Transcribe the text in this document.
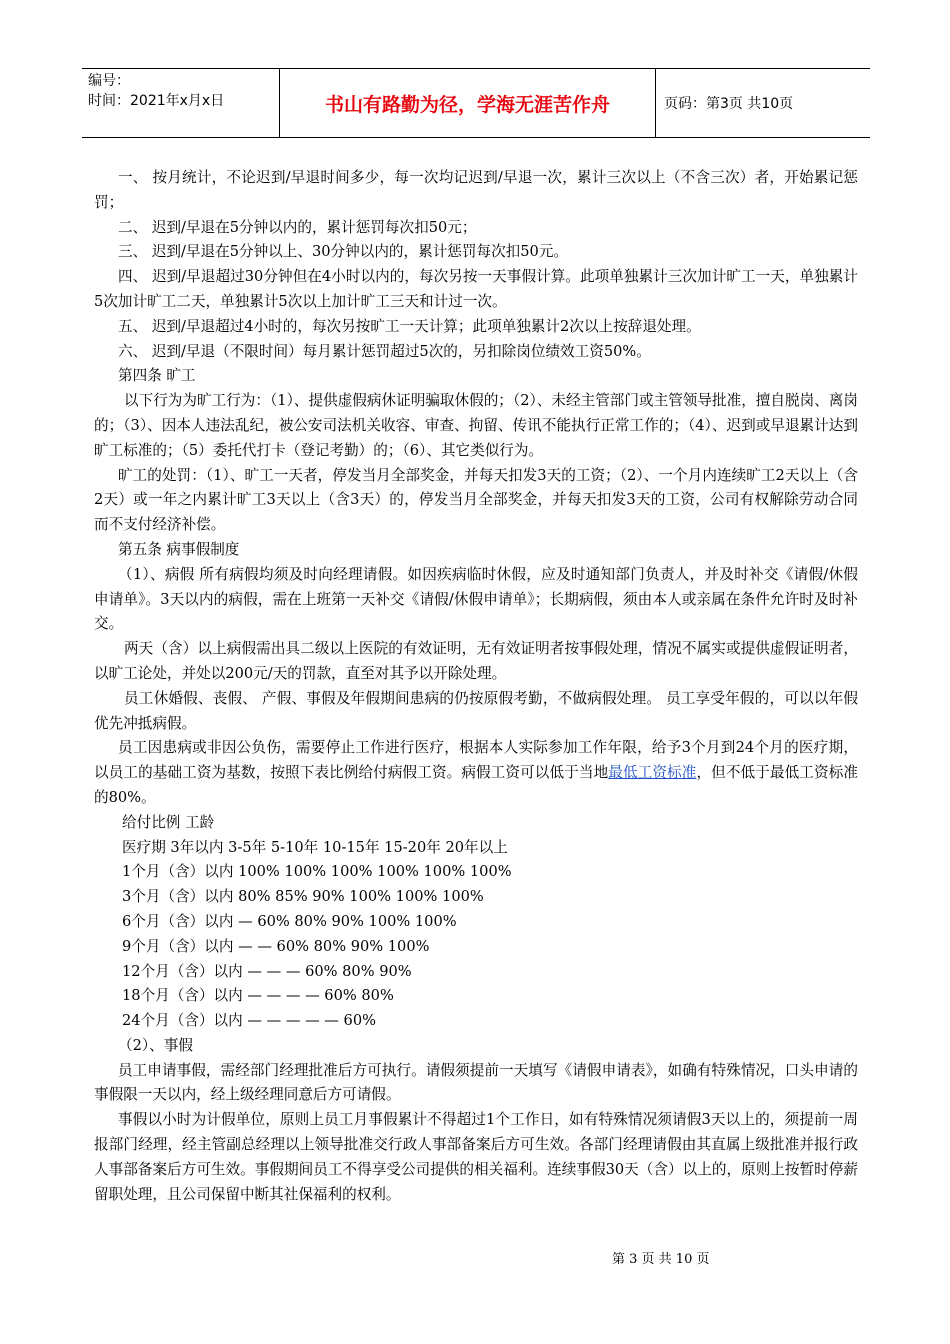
编号：
时间：2021年x月x日	书山有路勤为径，学海无涯苦作舟	页码：第3页 共10页

一、 按月统计，不论迟到/早退时间多少，每一次均记迟到/早退一次，累计三次以上（不含三次）者，开始累记惩罚；

二、 迟到/早退在5分钟以内的，累计惩罚每次扣50元；

三、 迟到/早退在5分钟以上、30分钟以内的，累计惩罚每次扣50元。

四、 迟到/早退超过30分钟但在4小时以内的，每次另按一天事假计算。此项单独累计三次加计旷工一天，单独累计5次加计旷工二天，单独累计5次以上加计旷工三天和计过一次。

五、 迟到/早退超过4小时的，每次另按旷工一天计算；此项单独累计2次以上按辞退处理。

六、 迟到/早退（不限时间）每月累计惩罚超过5次的，另扣除岗位绩效工资50%。

第四条 旷工

以下行为为旷工行为：（1）、提供虚假病休证明骗取休假的；（2）、未经主管部门或主管领导批准，擅自脱岗、离岗的；（3）、因本人违法乱纪，被公安司法机关收容、审查、拘留、传讯不能执行正常工作的；（4）、迟到或早退累计达到旷工标准的；（5）委托代打卡（登记考勤）的；（6）、其它类似行为。

旷工的处罚：（1）、旷工一天者，停发当月全部奖金，并每天扣发3天的工资；（2）、一个月内连续旷工2天以上（含2天）或一年之内累计旷工3天以上（含3天）的，停发当月全部奖金，并每天扣发3天的工资，公司有权解除劳动合同而不支付经济补偿。

第五条 病事假制度

（1）、病假 所有病假均须及时向经理请假。如因疾病临时休假，应及时通知部门负责人，并及时补交《请假/休假申请单》。3天以内的病假，需在上班第一天补交《请假/休假申请单》；长期病假，须由本人或亲属在条件允许时及时补交。

两天（含）以上病假需出具二级以上医院的有效证明，无有效证明者按事假处理，情况不属实或提供虚假证明者，以旷工论处，并处以200元/天的罚款，直至对其予以开除处理。

员工休婚假、丧假、 产假、事假及年假期间患病的仍按原假考勤，不做病假处理。 员工享受年假的，可以以年假优先冲抵病假。

员工因患病或非因公负伤，需要停止工作进行医疗，根据本人实际参加工作年限，给予3个月到24个月的医疗期，以员工的基础工资为基数，按照下表比例给付病假工资。病假工资可以低于当地最低工资标准，但不低于最低工资标准的80%。

给付比例 工龄

医疗期 3年以内 3-5年 5-10年 10-15年 15-20年 20年以上

1个月（含）以内 100% 100% 100% 100% 100% 100%

3个月（含）以内 80% 85% 90% 100% 100% 100%

6个月（含）以内 — 60% 80% 90% 100% 100%

9个月（含）以内 — — 60% 80% 90% 100%

12个月（含）以内 — — — 60% 80% 90%

18个月（含）以内 — — — — 60% 80%

24个月（含）以内 — — — — — 60%

（2）、事假

员工申请事假，需经部门经理批准后方可执行。请假须提前一天填写《请假申请表》，如确有特殊情况，口头申请的事假限一天以内，经上级经理同意后方可请假。

事假以小时为计假单位，原则上员工月事假累计不得超过1个工作日，如有特殊情况须请假3天以上的，须提前一周报部门经理，经主管副总经理以上领导批准交行政人事部备案后方可生效。各部门经理请假由其直属上级批准并报行政人事部备案后方可生效。事假期间员工不得享受公司提供的相关福利。连续事假30天（含）以上的，原则上按暂时停薪留职处理，且公司保留中断其社保福利的权利。

第 3 页 共 10 页
